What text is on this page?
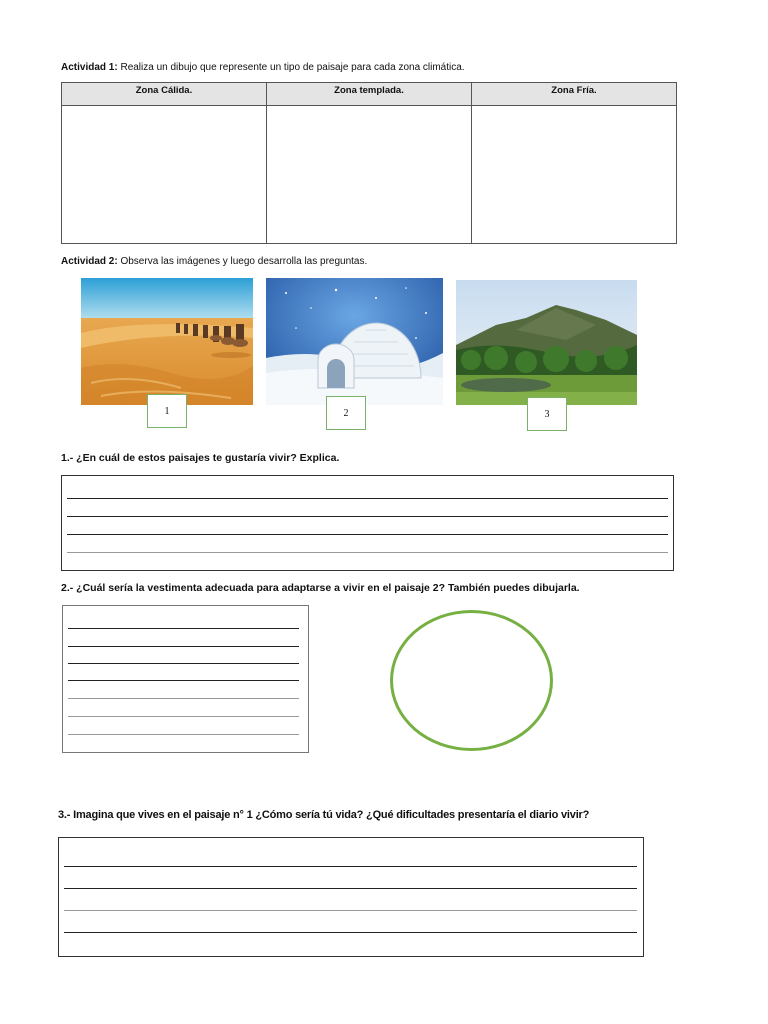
Actividad 1: Realiza un dibujo que represente un tipo de paisaje para cada zona climática.
Zona Cálida.	Zona templada.	Zona Fría.
Actividad 2: Observa las imágenes y luego desarrolla las preguntas.
1	2	3
1.- ¿En cuál de estos paisajes te gustaría vivir? Explica.
2.- ¿Cuál sería la vestimenta adecuada para adaptarse a vivir en el paisaje 2? También puedes dibujarla.
3.- Imagina que vives en el paisaje n° 1 ¿Cómo sería tú vida? ¿Qué dificultades presentaría el diario vivir?
